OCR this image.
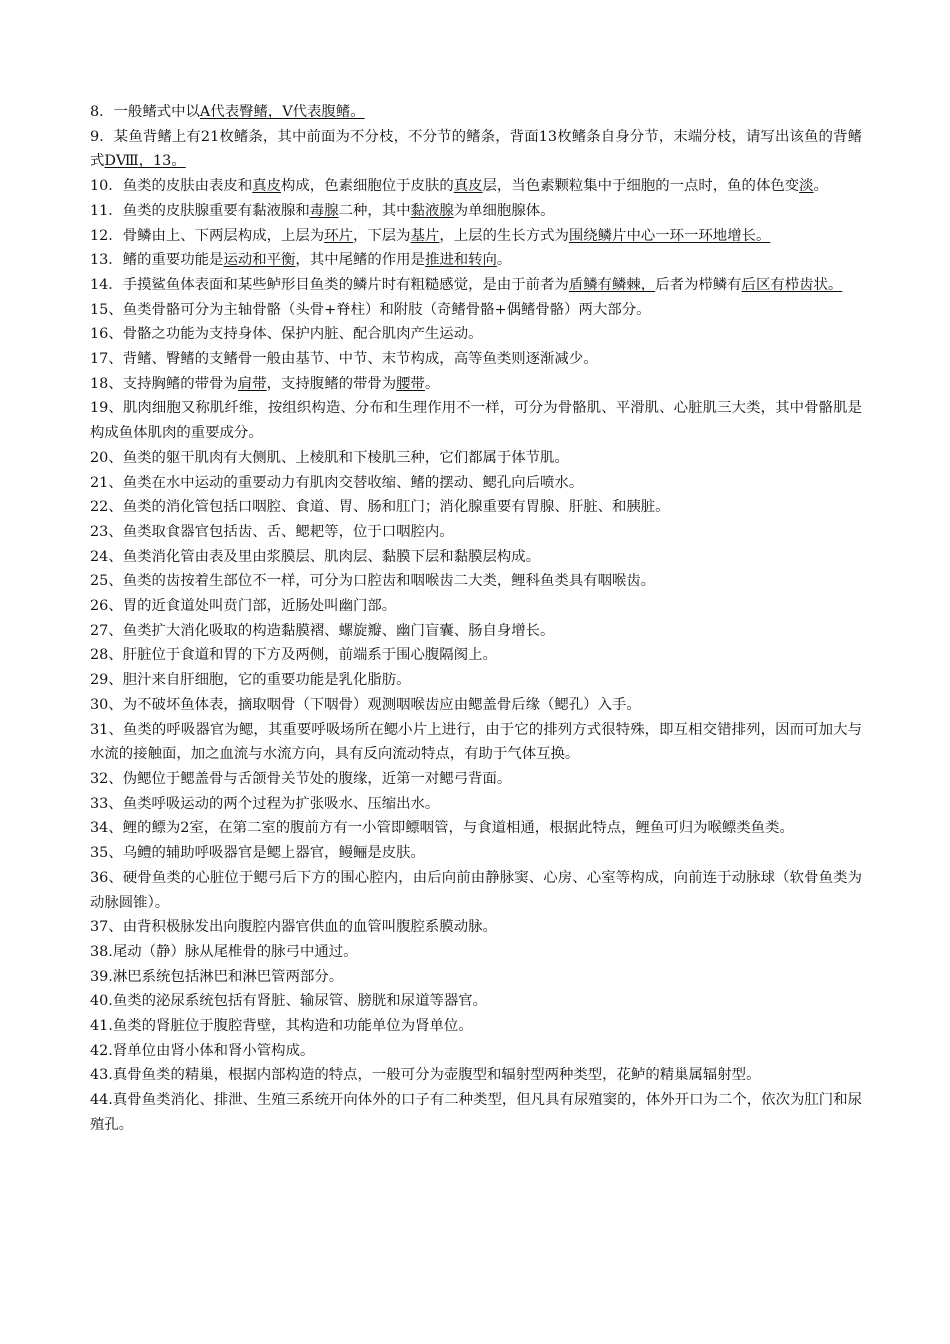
8．一般鳍式中以A代表臀鳍，V代表腹鳍。

9．某鱼背鳍上有21枚鳍条，其中前面为不分枝，不分节的鳍条，背面13枚鳍条自身分节，末端分枝，请写出该鱼的背鳍式DⅧ，13。

10．鱼类的皮肤由表皮和真皮构成，色素细胞位于皮肤的真皮层，当色素颗粒集中于细胞的一点时，鱼的体色变淡。

11．鱼类的皮肤腺重要有黏液腺和毒腺二种，其中黏液腺为单细胞腺体。

12．骨鳞由上、下两层构成，上层为环片，下层为基片，上层的生长方式为围绕鳞片中心一环一环地增长。

13．鳍的重要功能是运动和平衡，其中尾鳍的作用是推进和转向。

14．手摸鲨鱼体表面和某些鲈形目鱼类的鳞片时有粗糙感觉，是由于前者为盾鳞有鳞棘，后者为栉鳞有后区有栉齿状。

15、鱼类骨骼可分为主轴骨骼（头骨+脊柱）和附肢（奇鳍骨骼+偶鳍骨骼）两大部分。

16、骨骼之功能为支持身体、保护内脏、配合肌肉产生运动。

17、背鳍、臀鳍的支鳍骨一般由基节、中节、末节构成，高等鱼类则逐渐减少。

18、支持胸鳍的带骨为肩带，支持腹鳍的带骨为腰带。

19、肌肉细胞又称肌纤维，按组织构造、分布和生理作用不一样，可分为骨骼肌、平滑肌、心脏肌三大类，其中骨骼肌是构成鱼体肌肉的重要成分。

20、鱼类的躯干肌肉有大侧肌、上棱肌和下棱肌三种，它们都属于体节肌。

21、鱼类在水中运动的重要动力有肌肉交替收缩、鳍的摆动、鳃孔向后喷水。

22、鱼类的消化管包括口咽腔、食道、胃、肠和肛门；消化腺重要有胃腺、肝脏、和胰脏。

23、鱼类取食器官包括齿、舌、鳃耙等，位于口咽腔内。

24、鱼类消化管由表及里由浆膜层、肌肉层、黏膜下层和黏膜层构成。

25、鱼类的齿按着生部位不一样，可分为口腔齿和咽喉齿二大类，鲤科鱼类具有咽喉齿。

26、胃的近食道处叫贲门部，近肠处叫幽门部。

27、鱼类扩大消化吸取的构造黏膜褶、螺旋瓣、幽门盲囊、肠自身增长。

28、肝脏位于食道和胃的下方及两侧，前端系于围心腹隔阂上。

29、胆汁来自肝细胞，它的重要功能是乳化脂肪。

30、为不破坏鱼体表，摘取咽骨（下咽骨）观测咽喉齿应由鳃盖骨后缘（鳃孔）入手。

31、鱼类的呼吸器官为鳃，其重要呼吸场所在鳃小片上进行，由于它的排列方式很特殊，即互相交错排列，因而可加大与水流的接触面，加之血流与水流方向，具有反向流动特点，有助于气体互换。

32、伪鳃位于鳃盖骨与舌颌骨关节处的腹缘，近第一对鳃弓背面。

33、鱼类呼吸运动的两个过程为扩张吸水、压缩出水。

34、鲤的鳔为2室，在第二室的腹前方有一小管即鳔咽管，与食道相通，根据此特点，鲤鱼可归为喉鳔类鱼类。

35、乌鳢的辅助呼吸器官是鳃上器官，鳗鲡是皮肤。

36、硬骨鱼类的心脏位于鳃弓后下方的围心腔内，由后向前由静脉窦、心房、心室等构成，向前连于动脉球（软骨鱼类为动脉圆锥）。

37、由背积极脉发出向腹腔内器官供血的血管叫腹腔系膜动脉。

38.尾动（静）脉从尾椎骨的脉弓中通过。

39.淋巴系统包括淋巴和淋巴管两部分。

40.鱼类的泌尿系统包括有肾脏、输尿管、膀胱和尿道等器官。

41.鱼类的肾脏位于腹腔背壁，其构造和功能单位为肾单位。

42.肾单位由肾小体和肾小管构成。

43.真骨鱼类的精巢，根据内部构造的特点，一般可分为壶腹型和辐射型两种类型，花鲈的精巢属辐射型。

44.真骨鱼类消化、排泄、生殖三系统开向体外的口子有二种类型，但凡具有尿殖窦的，体外开口为二个，依次为肛门和尿殖孔。
